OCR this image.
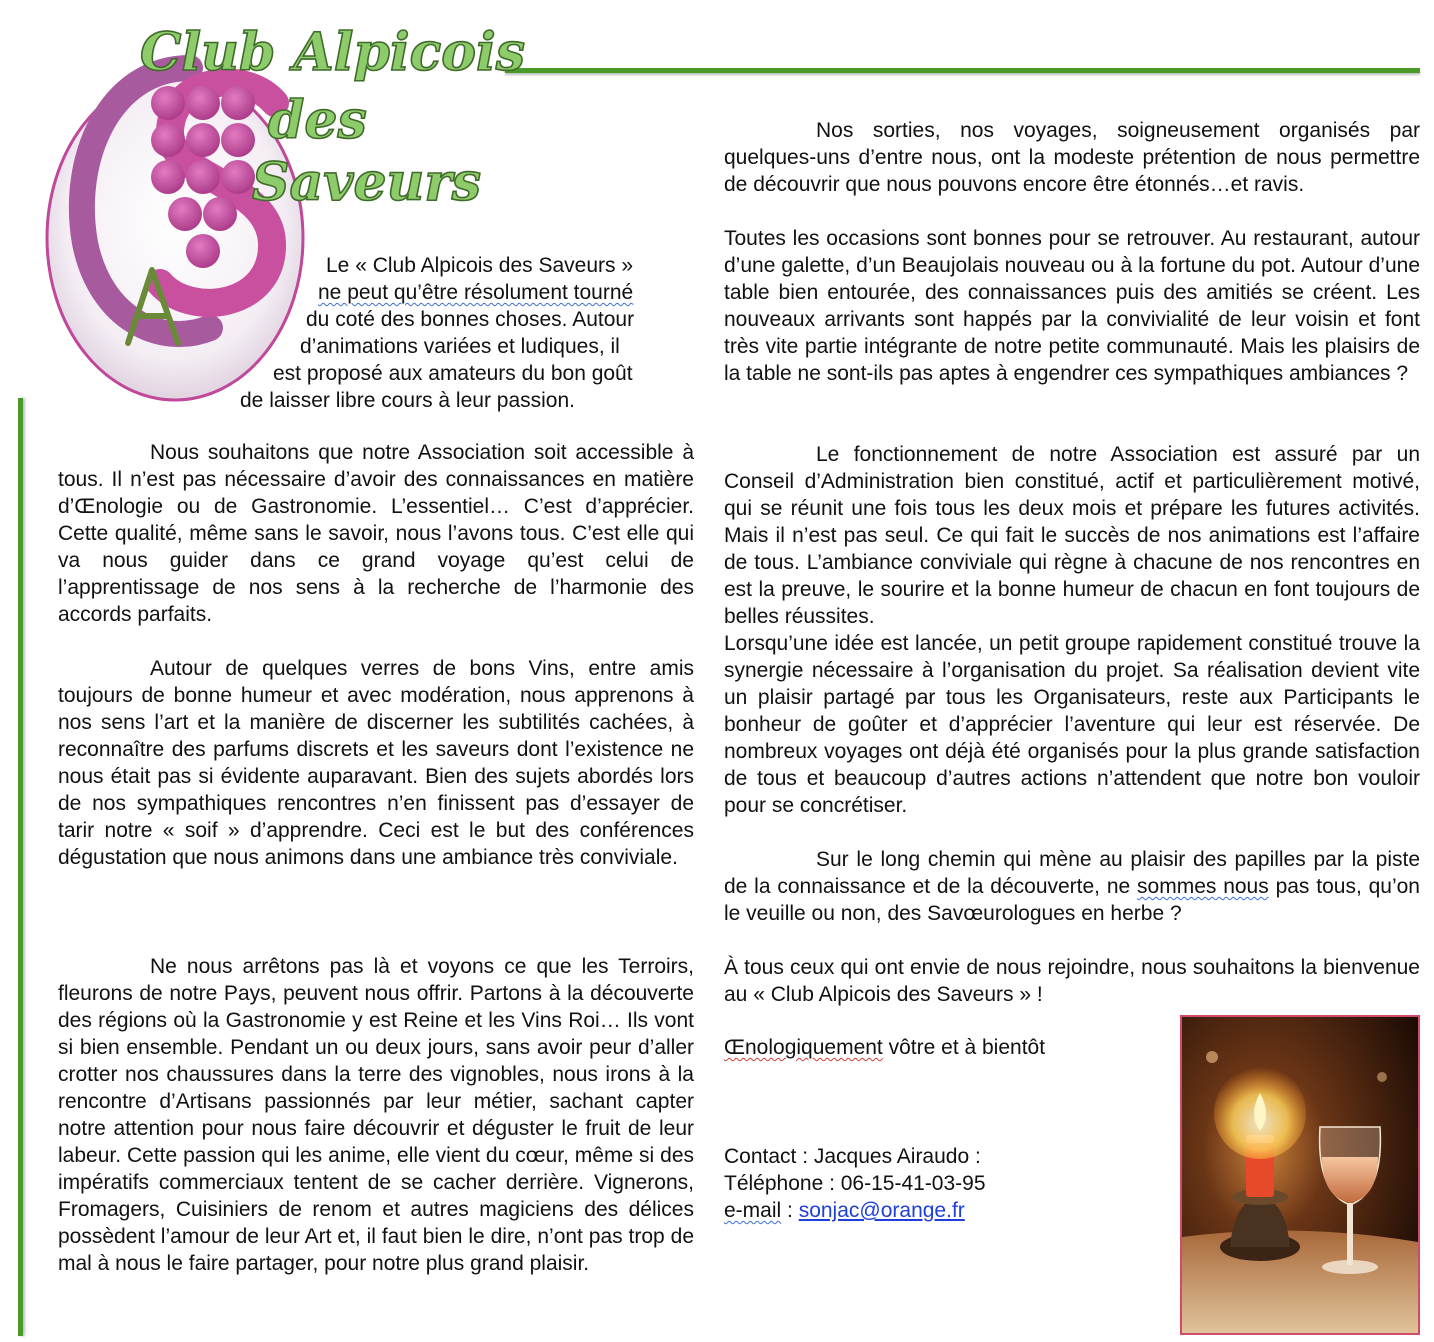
Club Alpicois
des
Saveurs
Le « Club Alpicois des Saveurs »
ne peut qu’être résolument tourné
du coté des bonnes choses. Autour
d’animations variées et ludiques, il
est proposé aux amateurs du bon goût
de laisser libre cours à leur passion.

Nous souhaitons que notre Association soit accessible à tous. Il n’est pas nécessaire d’avoir des connaissances en matière d’Œnologie ou de Gastronomie. L’essentiel… C’est d’apprécier. Cette qualité, même sans le savoir, nous l’avons tous. C’est elle qui va nous guider dans ce grand voyage qu’est celui de l’apprentissage de nos sens à la recherche de l’harmonie des accords parfaits.

Autour de quelques verres de bons Vins, entre amis toujours de bonne humeur et avec modération, nous apprenons à nos sens l’art et la manière de discerner les subtilités cachées, à reconnaître des parfums discrets et les saveurs dont l’existence ne nous était pas si évidente auparavant. Bien des sujets abordés lors de nos sympathiques rencontres n’en finissent pas d’essayer de tarir notre « soif » d’apprendre. Ceci est le but des conférences dégustation que nous animons dans une ambiance très conviviale.

Ne nous arrêtons pas là et voyons ce que les Terroirs, fleurons de notre Pays, peuvent nous offrir. Partons à la découverte des régions où la Gastronomie y est Reine et les Vins Roi… Ils vont si bien ensemble. Pendant un ou deux jours, sans avoir peur d’aller crotter nos chaussures dans la terre des vignobles, nous irons à la rencontre d’Artisans passionnés par leur métier, sachant capter notre attention pour nous faire découvrir et déguster le fruit de leur labeur. Cette passion qui les anime, elle vient du cœur, même si des impératifs commerciaux tentent de se cacher derrière. Vignerons, Fromagers, Cuisiniers de renom et autres magiciens des délices possèdent l’amour de leur Art et, il faut bien le dire, n’ont pas trop de mal à nous le faire partager, pour notre plus grand plaisir.

Nos sorties, nos voyages, soigneusement organisés par quelques-uns d’entre nous, ont la modeste prétention de nous permettre de découvrir que nous pouvons encore être étonnés…et ravis.

Toutes les occasions sont bonnes pour se retrouver. Au restaurant, autour d’une galette, d’un Beaujolais nouveau ou à la fortune du pot. Autour d’une table bien entourée, des connaissances puis des amitiés se créent. Les nouveaux arrivants sont happés par la convivialité de leur voisin et font très vite partie intégrante de notre petite communauté. Mais les plaisirs de la table ne sont-ils pas aptes à engendrer ces sympathiques ambiances ?

Le fonctionnement de notre Association est assuré par un Conseil d’Administration bien constitué, actif et particulièrement motivé, qui se réunit une fois tous les deux mois et prépare les futures activités. Mais il n’est pas seul. Ce qui fait le succès de nos animations est l’affaire de tous. L’ambiance conviviale qui règne à chacune de nos rencontres en est la preuve, le sourire et la bonne humeur de chacun en font toujours de belles réussites.

Lorsqu’une idée est lancée, un petit groupe rapidement constitué trouve la synergie nécessaire à l’organisation du projet. Sa réalisation devient vite un plaisir partagé par tous les Organisateurs, reste aux Participants le bonheur de goûter et d’apprécier l’aventure qui leur est réservée. De nombreux voyages ont déjà été organisés pour la plus grande satisfaction de tous et beaucoup d’autres actions n’attendent que notre bon vouloir pour se concrétiser.

Sur le long chemin qui mène au plaisir des papilles par la piste de la connaissance et de la découverte, ne sommes nous pas tous, qu’on le veuille ou non, des Savœurologues en herbe ?

À tous ceux qui ont envie de nous rejoindre, nous souhaitons la bienvenue au « Club Alpicois des Saveurs » !

Œnologiquement vôtre et à bientôt

Contact : Jacques Airaudo :
Téléphone : 06-15-41-03-95
e-mail : sonjac@orange.fr
